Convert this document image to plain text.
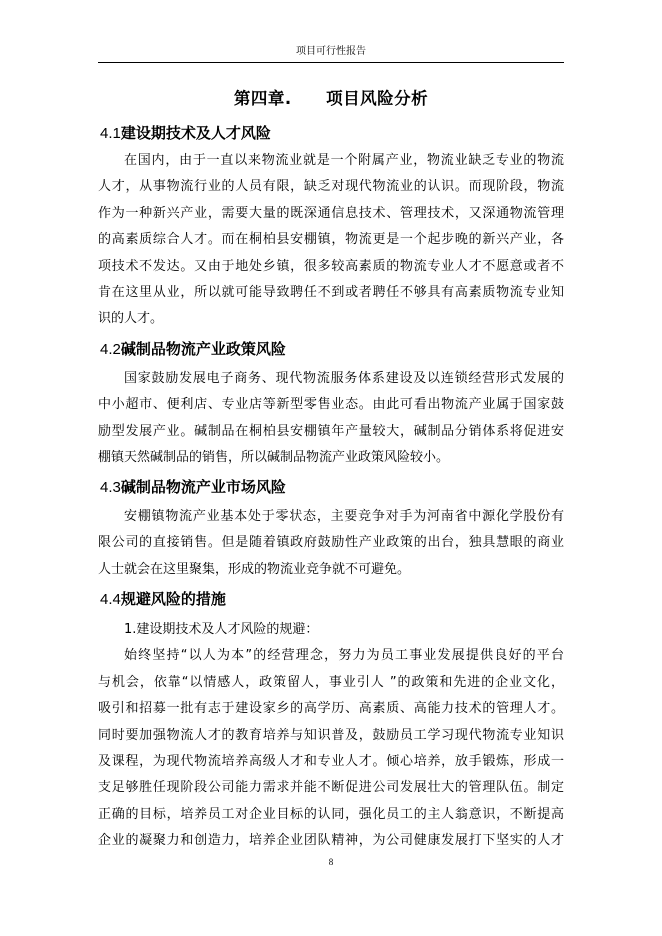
项目可行性报告
第四章. 项目风险分析
4.1建设期技术及人才风险
在国内，由于一直以来物流业就是一个附属产业，物流业缺乏专业的物流
人才，从事物流行业的人员有限，缺乏对现代物流业的认识。而现阶段，物流
作为一种新兴产业，需要大量的既深通信息技术、管理技术，又深通物流管理
的高素质综合人才。而在桐柏县安棚镇，物流更是一个起步晚的新兴产业，各
项技术不发达。又由于地处乡镇，很多较高素质的物流专业人才不愿意或者不
肯在这里从业，所以就可能导致聘任不到或者聘任不够具有高素质物流专业知
识的人才。
4.2碱制品物流产业政策风险
国家鼓励发展电子商务、现代物流服务体系建设及以连锁经营形式发展的
中小超市、便利店、专业店等新型零售业态。由此可看出物流产业属于国家鼓
励型发展产业。碱制品在桐柏县安棚镇年产量较大，碱制品分销体系将促进安
棚镇天然碱制品的销售，所以碱制品物流产业政策风险较小。
4.3碱制品物流产业市场风险
安棚镇物流产业基本处于零状态，主要竞争对手为河南省中源化学股份有
限公司的直接销售。但是随着镇政府鼓励性产业政策的出台，独具慧眼的商业
人士就会在这里聚集，形成的物流业竞争就不可避免。
4.4规避风险的措施
1.建设期技术及人才风险的规避：
始终坚持“以人为本”的经营理念，努力为员工事业发展提供良好的平台
与机会，依靠“以情感人，政策留人，事业引人 ”的政策和先进的企业文化，
吸引和招募一批有志于建设家乡的高学历、高素质、高能力技术的管理人才。
同时要加强物流人才的教育培养与知识普及，鼓励员工学习现代物流专业知识
及课程，为现代物流培养高级人才和专业人才。倾心培养，放手锻炼，形成一
支足够胜任现阶段公司能力需求并能不断促进公司发展壮大的管理队伍。制定
正确的目标，培养员工对企业目标的认同，强化员工的主人翁意识，不断提高
企业的凝聚力和创造力，培养企业团队精神，为公司健康发展打下坚实的人才
8
